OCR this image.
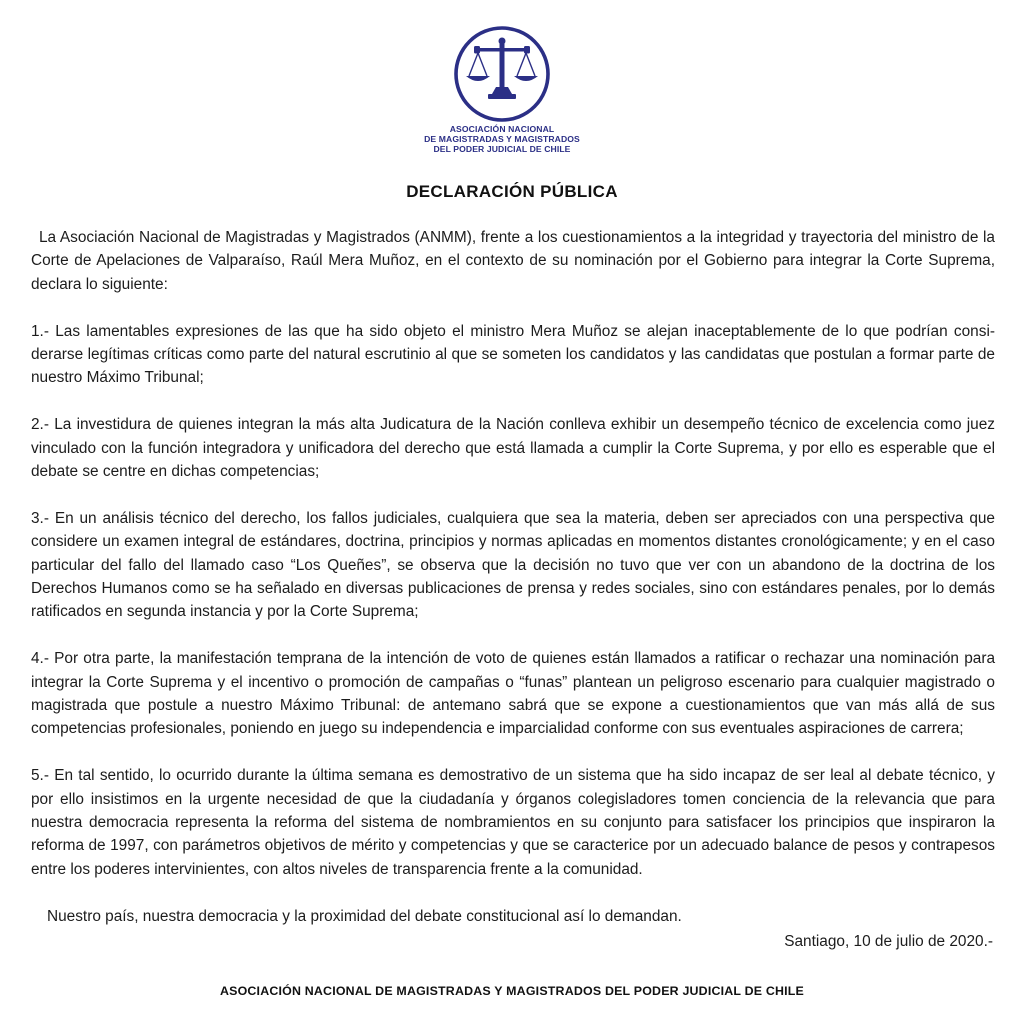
ASOCIACIÓN NACIONAL
DE MAGISTRADAS Y MAGISTRADOS
DEL PODER JUDICIAL DE CHILE
DECLARACIÓN PÚBLICA

La Asociación Nacional de Magistradas y Magistrados (ANMM), frente a los cuestionamientos a la integridad y trayectoria del ministro de la Corte de Apelaciones de Valparaíso, Raúl Mera Muñoz, en el contexto de su nominación por el Gobierno para integrar la Corte Suprema, declara lo siguiente:

1.- Las lamentables expresiones de las que ha sido objeto el ministro Mera Muñoz se alejan inaceptablemente de lo que podrían considerarse legítimas críticas como parte del natural escrutinio al que se someten los candidatos y las candidatas que postulan a formar parte de nuestro Máximo Tribunal;

2.- La investidura de quienes integran la más alta Judicatura de la Nación conlleva exhibir un desempeño técnico de excelencia como juez vinculado con la función integradora y unificadora del derecho que está llamada a cumplir la Corte Suprema, y por ello es esperable que el debate se centre en dichas competencias;

3.- En un análisis técnico del derecho, los fallos judiciales, cualquiera que sea la materia, deben ser apreciados con una perspectiva que considere un examen integral de estándares, doctrina, principios y normas aplicadas en momentos distantes cronológicamente; y en el caso particular del fallo del llamado caso “Los Queñes”, se observa que la decisión no tuvo que ver con un abandono de la doctrina de los Derechos Humanos como se ha señalado en diversas publicaciones de prensa y redes sociales, sino con estándares penales, por lo demás ratificados en segunda instancia y por la Corte Suprema;

4.- Por otra parte, la manifestación temprana de la intención de voto de quienes están llamados a ratificar o rechazar una nominación para integrar la Corte Suprema y el incentivo o promoción de campañas o “funas” plantean un peligroso escenario para cualquier magistrado o magistrada que postule a nuestro Máximo Tribunal: de antemano sabrá que se expone a cuestionamientos que van más allá de sus competencias profesionales, poniendo en juego su independencia e imparcialidad conforme con sus eventuales aspiraciones de carrera;

5.- En tal sentido, lo ocurrido durante la última semana es demostrativo de un sistema que ha sido incapaz de ser leal al debate técnico, y por ello insistimos en la urgente necesidad de que la ciudadanía y órganos colegisladores tomen conciencia de la relevancia que para nuestra democracia representa la reforma del sistema de nombramientos en su conjunto para satisfacer los principios que inspiraron la reforma de 1997, con parámetros objetivos de mérito y competencias y que se caracterice por un adecuado balance de pesos y contrapesos entre los poderes intervinientes, con altos niveles de transparencia frente a la comunidad.

Nuestro país, nuestra democracia y la proximidad del debate constitucional así lo demandan.

Santiago, 10 de julio de 2020.-
ASOCIACIÓN NACIONAL DE MAGISTRADAS Y MAGISTRADOS DEL PODER JUDICIAL DE CHILE
